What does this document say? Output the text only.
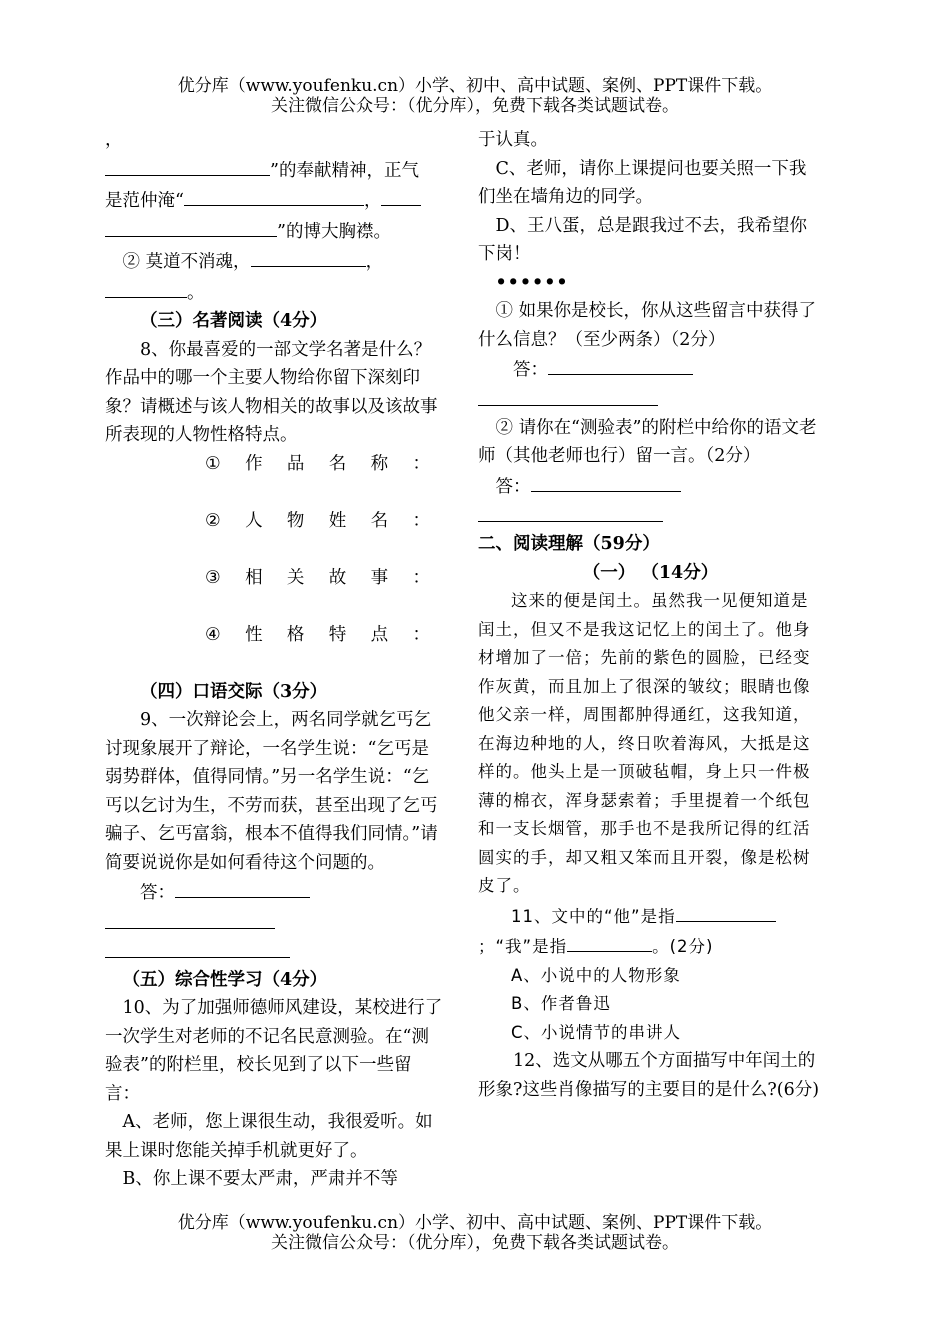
优分库（www.youfenku.cn）小学、初中、高中试题、案例、PPT课件下载。
关注微信公众号：（优分库），免费下载各类试题试卷。

，

”的奉献精神，正气

是范仲淹“	，

”的博大胸襟。

② 莫道不消魂，	，

。

（三）名著阅读（4分）

8、你最喜爱的一部文学名著是什么？作品中的哪一个主要人物给你留下深刻印象？请概述与该人物相关的故事以及该故事所表现的人物性格特点。

① 作 品 名 称 ：
② 人 物 姓 名 ：
③ 相 关 故 事 ：
④ 性 格 特 点 ：

（四）口语交际（3分）

9、一次辩论会上，两名同学就乞丐乞讨现象展开了辩论，一名学生说：“乞丐是弱势群体，值得同情。”另一名学生说：“乞丐以乞讨为生，不劳而获，甚至出现了乞丐骗子、乞丐富翁，根本不值得我们同情。”请简要说说你是如何看待这个问题的。

答：

（五）综合性学习（4分）

10、为了加强师德师风建设，某校进行了一次学生对老师的不记名民意测验。在“测验表”的附栏里，校长见到了以下一些留言：

A、老师，您上课很生动，我很爱听。如果上课时您能关掉手机就更好了。

B、你上课不要太严肃，严肃并不等

于认真。

C、老师，请你上课提问也要关照一下我们坐在墙角边的同学。

D、王八蛋，总是跟我过不去，我希望你下岗！

••••••

① 如果你是校长，你从这些留言中获得了什么信息？（至少两条）（2分）

答：

② 请你在“测验表”的附栏中给你的语文老师（其他老师也行）留一言。（2分）

答：

二、阅读理解（59分）

（一） （14分）

这来的便是闰土。虽然我一见便知道是闰土，但又不是我这记忆上的闰土了。他身材增加了一倍；先前的紫色的圆脸，已经变作灰黄，而且加上了很深的皱纹；眼睛也像他父亲一样，周围都肿得通红，这我知道，在海边种地的人，终日吹着海风，大抵是这样的。他头上是一顶破毡帽，身上只一件极薄的棉衣，浑身瑟索着；手里提着一个纸包和一支长烟管，那手也不是我所记得的红活圆实的手，却又粗又笨而且开裂，像是松树皮了。

11、文中的“他”是指；“我”是指	。(2分)

A、小说中的人物形象

B、作者鲁迅

C、小说情节的串讲人

12、选文从哪五个方面描写中年闰土的形象?这些肖像描写的主要目的是什么?(6分)

优分库（www.youfenku.cn）小学、初中、高中试题、案例、PPT课件下载。
关注微信公众号：（优分库），免费下载各类试题试卷。
